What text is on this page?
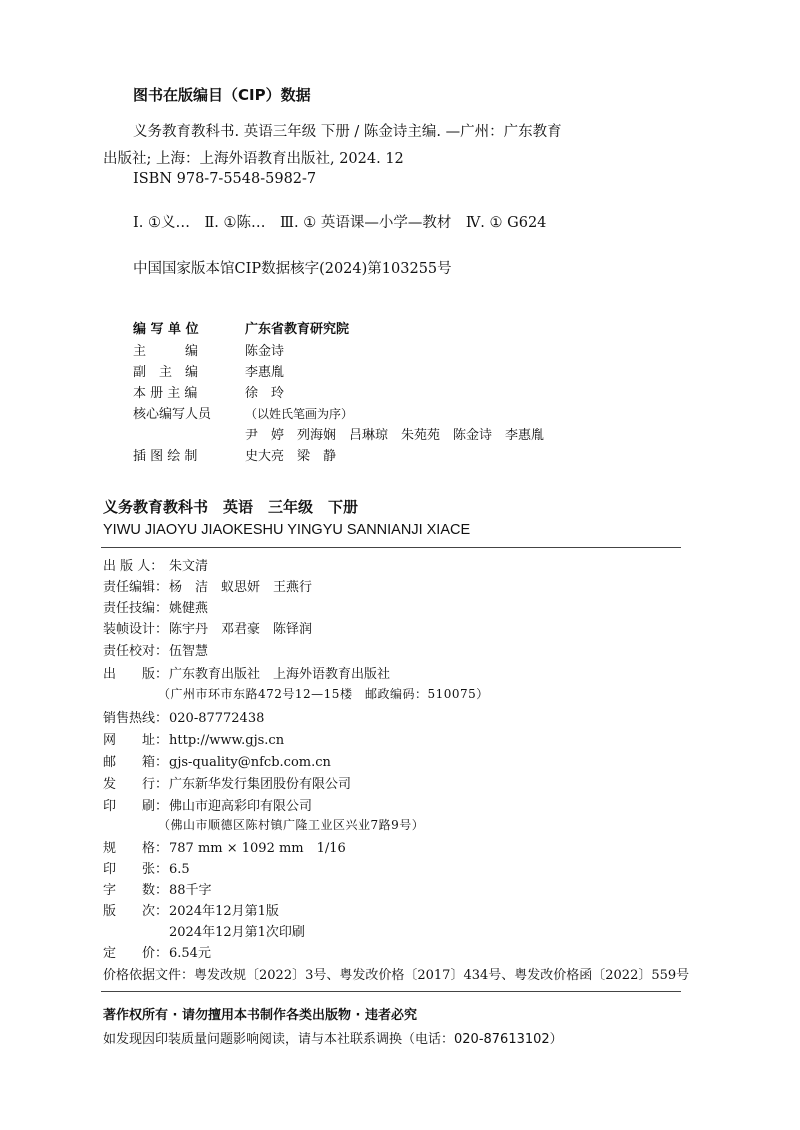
图书在版编目（CIP）数据
义务教育教科书. 英语三年级 下册 / 陈金诗主编. —广州：广东教育
出版社; 上海：上海外语教育出版社, 2024. 12
ISBN 978-7-5548-5982-7
Ⅰ. ①义…　Ⅱ. ①陈…　Ⅲ. ① 英语课—小学—教材　Ⅳ. ① G624
中国国家版本馆CIP数据核字(2024)第103255号
编 写 单 位	广东省教育研究院
主　　　编	陈金诗
副　主　编	李惠胤
本 册 主 编	徐　玲
核心编写人员	（以姓氏笔画为序）
尹　婷　列海娴　吕琳琼　朱苑苑　陈金诗　李惠胤
插 图 绘 制	史大亮　梁　静
义务教育教科书　英语　三年级　下册
YIWU JIAOYU JIAOKESHU YINGYU SANNIANJI XIACE
出 版 人： 朱文清
责任编辑：杨　洁　蚁思妍　王燕行
责任技编：姚健燕
装帧设计：陈宇丹　邓君豪　陈铎润
责任校对：伍智慧
出　　版：广东教育出版社　上海外语教育出版社
（广州市环市东路472号12—15楼　邮政编码：510075）
销售热线：020-87772438
网　　址：http://www.gjs.cn
邮　　箱：gjs-quality@nfcb.com.cn
发　　行：广东新华发行集团股份有限公司
印　　刷：佛山市迎高彩印有限公司
（佛山市顺德区陈村镇广隆工业区兴业7路9号）
规　　格：787 mm × 1092 mm　1/16
印　　张：6.5
字　　数：88千字
版　　次：2024年12月第1版
2024年12月第1次印刷
定　　价：6.54元
价格依据文件：粤发改规〔2022〕3号、粤发改价格〔2017〕434号、粤发改价格函〔2022〕559号
著作权所有 · 请勿擅用本书制作各类出版物 · 违者必究
如发现因印装质量问题影响阅读，请与本社联系调换（电话：020-87613102）
